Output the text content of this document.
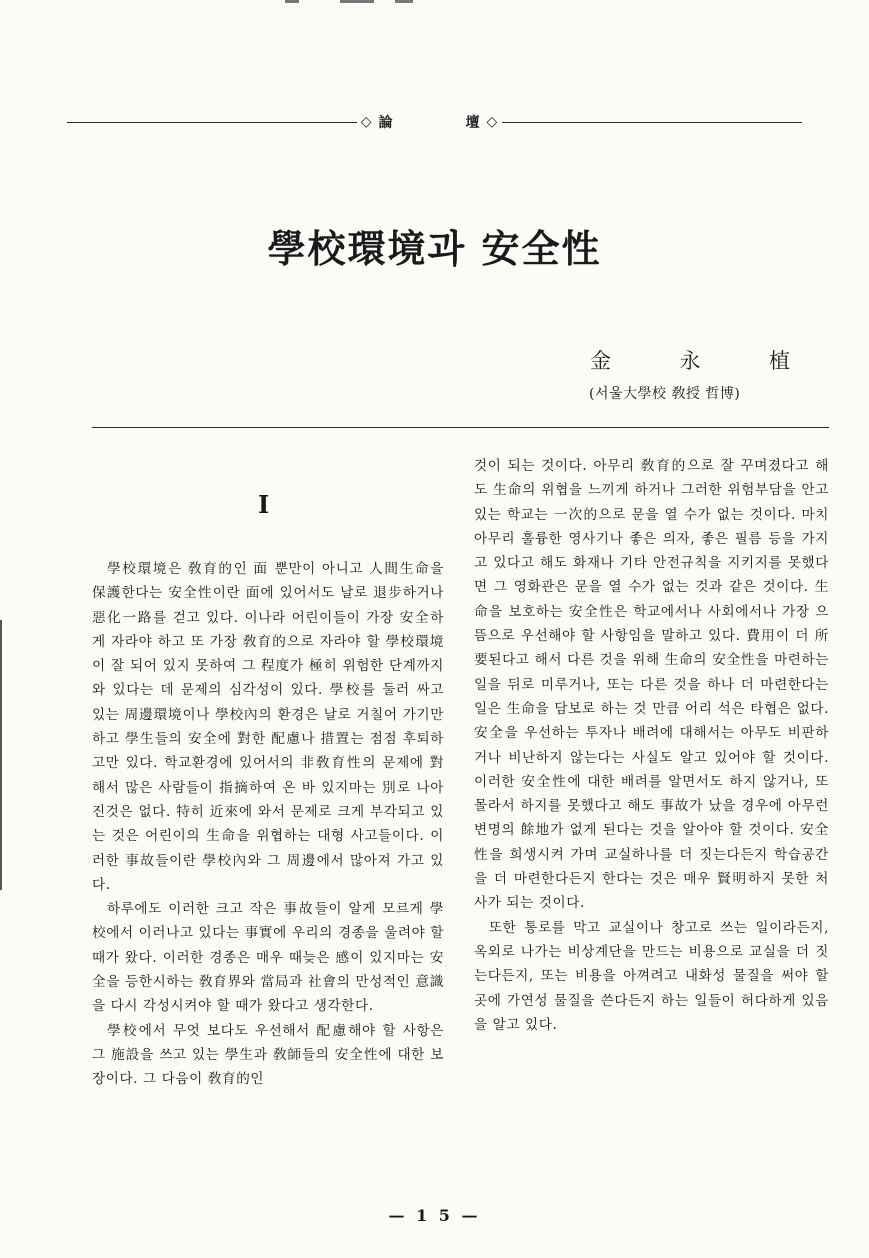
◇ 論	壇 ◇
學校環境과 安全性
金	永	植
(서울大學校 敎授 哲博)
I

學校環境은 敎育的인 面 뿐만이 아니고 人間生命을 保護한다는 安全性이란 面에 있어서도 날로 退步하거나 惡化一路를 걷고 있다. 이나라 어린이들이 가장 安全하게 자라야 하고 또 가장 敎育的으로 자라야 할 學校環境이 잘 되어 있지 못하여 그 程度가 極히 위험한 단계까지와 있다는 데 문제의 심각성이 있다. 學校를 둘러 싸고 있는 周邊環境이나 學校內의 환경은 날로 거칠어 가기만 하고 學生들의 安全에 對한 配慮나 措置는 점점 후퇴하고만 있다. 학교환경에 있어서의 非敎育性의 문제에 對해서 많은 사람들이 指摘하여 온 바 있지마는 別로 나아진것은 없다. 特히 近來에 와서 문제로 크게 부각되고 있는 것은 어린이의 生命을 위협하는 대형 사고들이다. 이러한 事故들이란 學校內와 그 周邊에서 많아져 가고 있다.

하루에도 이러한 크고 작은 事故들이 알게 모르게 學校에서 이러나고 있다는 事實에 우리의 경종을 울려야 할 때가 왔다. 이러한 경종은 매우 때늦은 感이 있지마는 安全을 등한시하는 敎育界와 當局과 社會의 만성적인 意識을 다시 각성시켜야 할 때가 왔다고 생각한다.

學校에서 무엇 보다도 우선해서 配慮해야 할 사항은 그 施設을 쓰고 있는 學生과 敎師들의 安全性에 대한 보장이다. 그 다음이 敎育的인

것이 되는 것이다. 아무리 敎育的으로 잘 꾸며졌다고 해도 生命의 위협을 느끼게 하거나 그러한 위험부담을 안고 있는 학교는 一次的으로 문을 열 수가 없는 것이다. 마치 아무리 훌륭한 영사기나 좋은 의자, 좋은 필름 등을 가지고 있다고 해도 화재나 기타 안전규칙을 지키지를 못했다면 그 영화관은 문을 열 수가 없는 것과 같은 것이다. 生命을 보호하는 安全性은 학교에서나 사회에서나 가장 으뜸으로 우선해야 할 사항임을 말하고 있다. 費用이 더 所要된다고 해서 다른 것을 위해 生命의 安全性을 마련하는 일을 뒤로 미루거나, 또는 다른 것을 하나 더 마련한다는 일은 生命을 담보로 하는 것 만큼 어리 석은 타협은 없다. 安全을 우선하는 투자나 배려에 대해서는 아무도 비판하거나 비난하지 않는다는 사실도 알고 있어야 할 것이다. 이러한 安全性에 대한 배려를 알면서도 하지 않거나, 또 몰라서 하지를 못했다고 해도 事故가 났을 경우에 아무런 변명의 餘地가 없게 된다는 것을 알아야 할 것이다. 安全性을 희생시켜 가며 교실하나를 더 짓는다든지 학습공간을 더 마련한다든지 한다는 것은 매우 賢明하지 못한 처사가 되는 것이다.

또한 통로를 막고 교실이나 창고로 쓰는 일이라든지, 옥외로 나가는 비상계단을 만드는 비용으로 교실을 더 짓는다든지, 또는 비용을 아껴려고 내화성 물질을 써야 할 곳에 가연성 물질을 쓴다든지 하는 일들이 허다하게 있음을 알고 있다.

— 1 5 —
